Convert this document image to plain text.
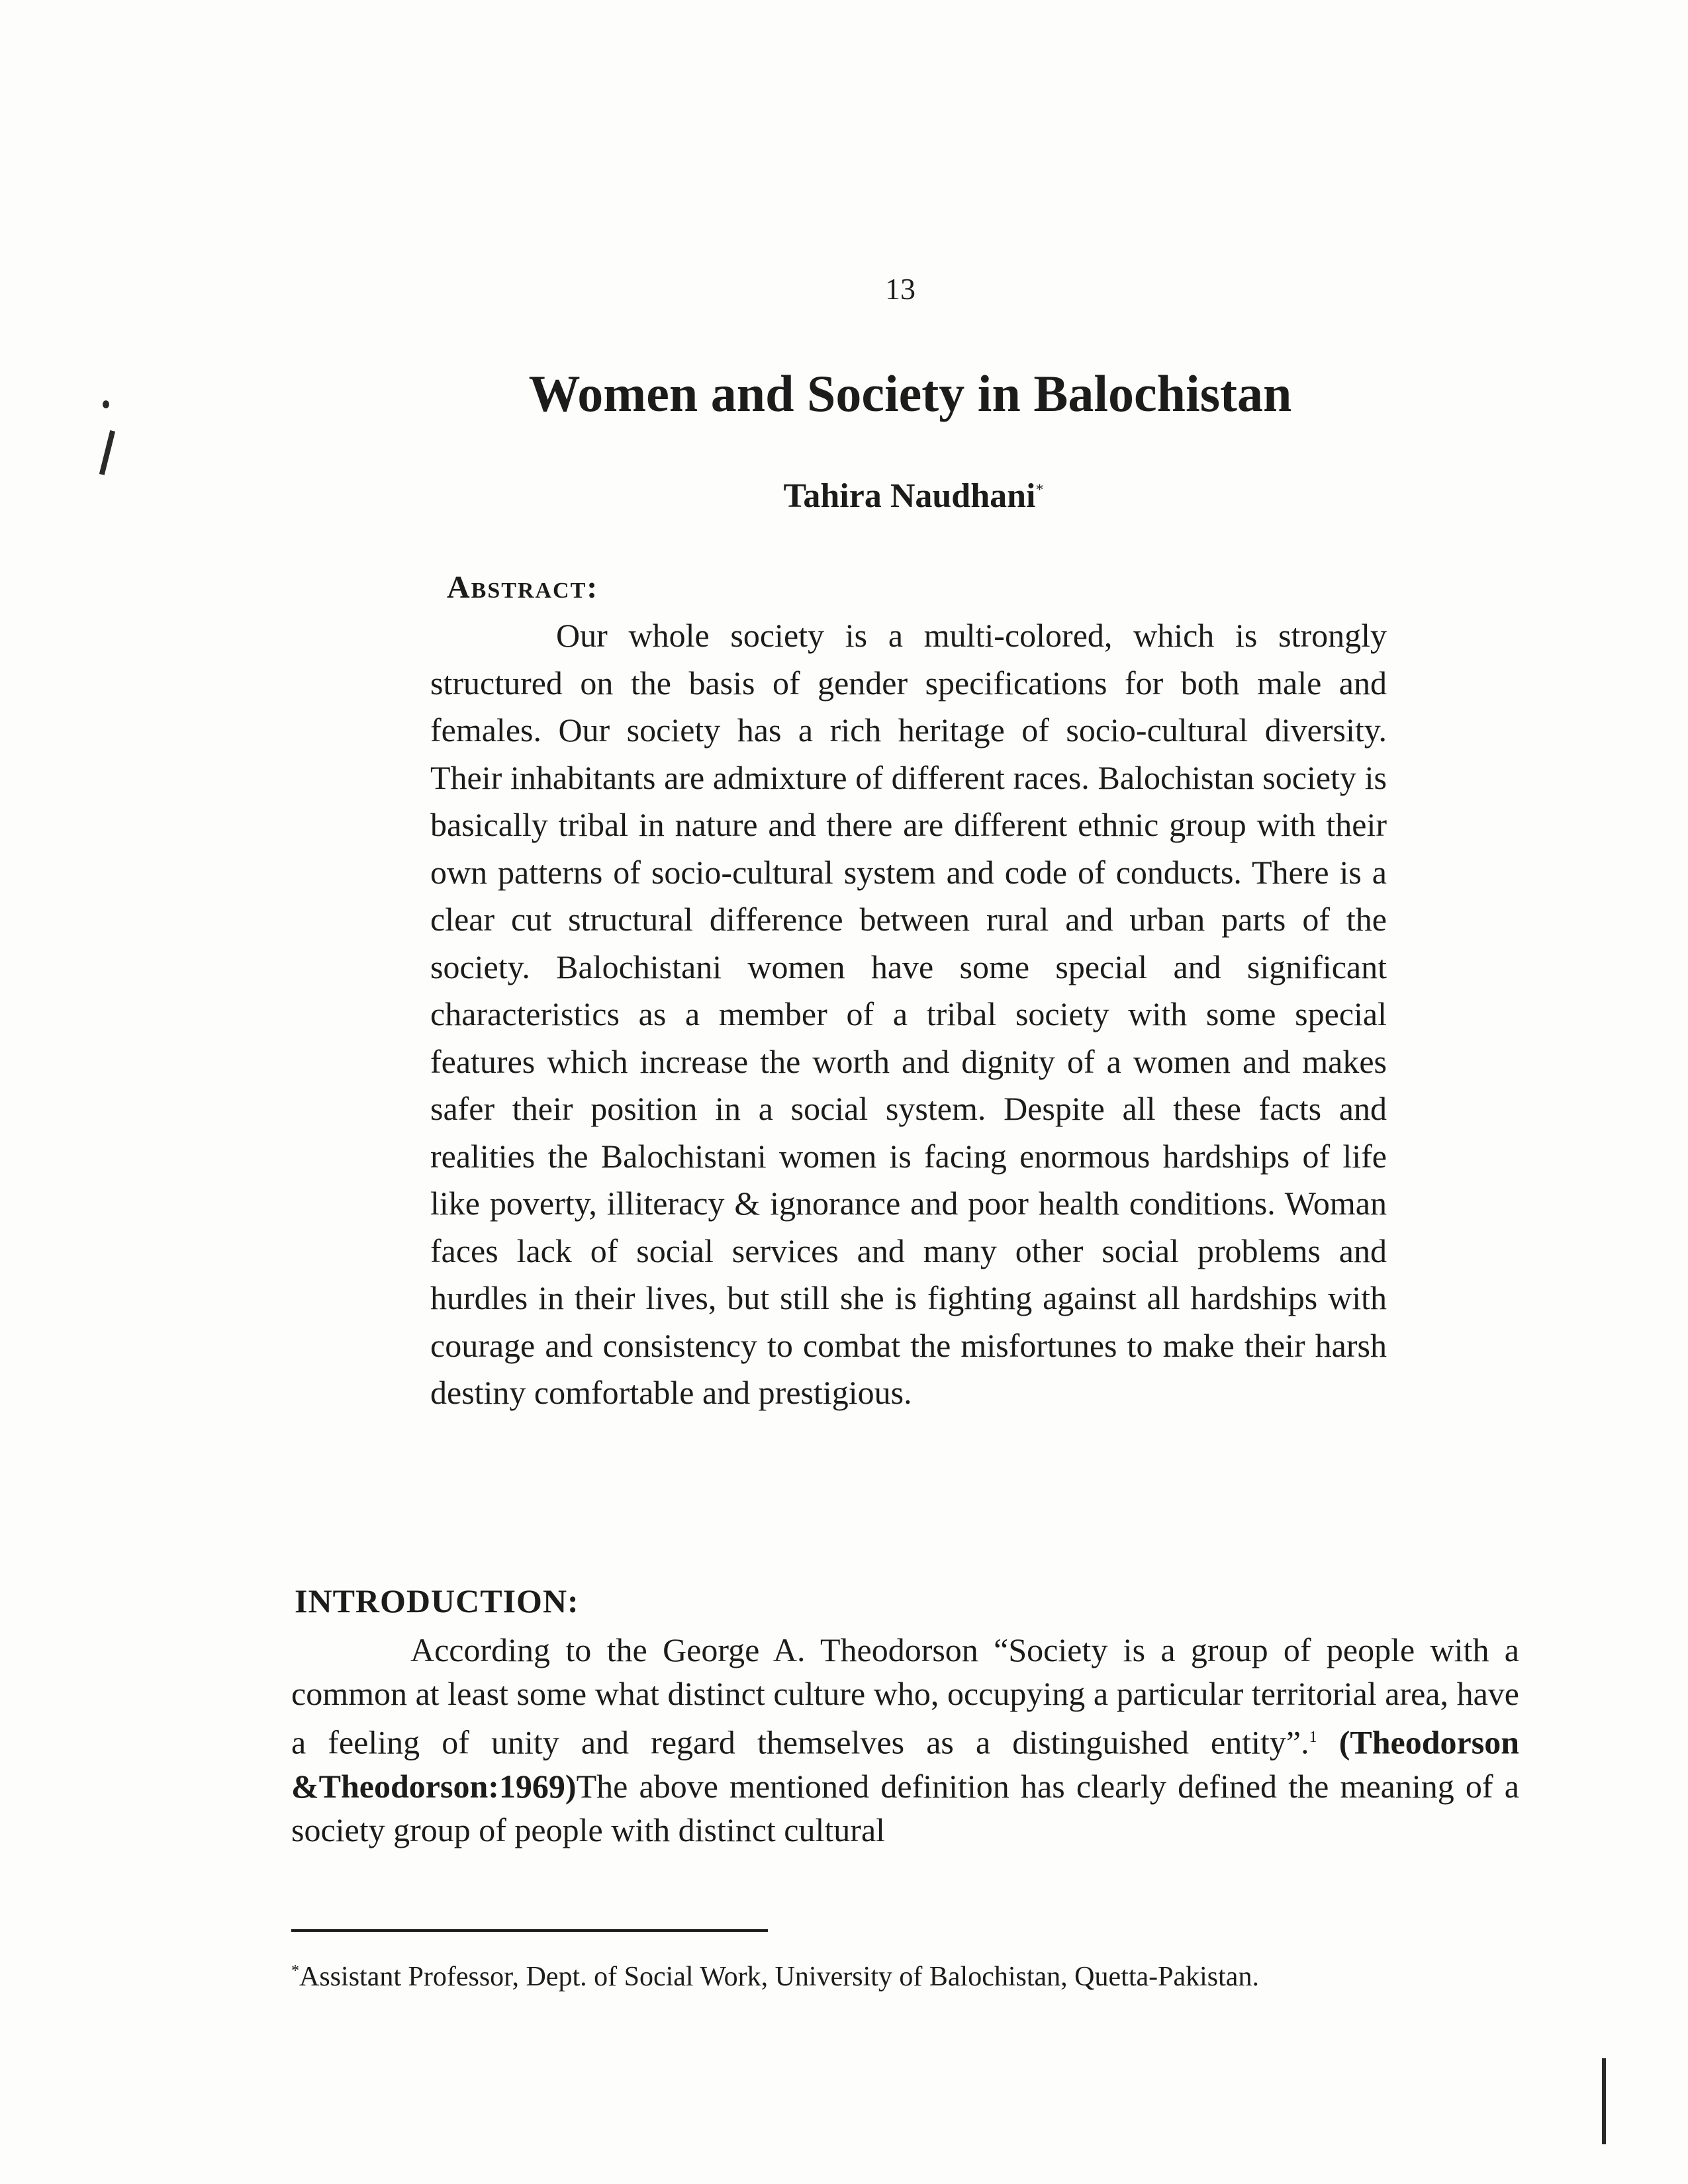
13
Women and Society in Balochistan
Tahira Naudhani*
Abstract:

Our whole society is a multi-colored, which is strongly structured on the basis of gender specifications for both male and females. Our society has a rich heritage of socio-cultural diversity. Their inhabitants are admixture of different races. Balochistan society is basically tribal in nature and there are different ethnic group with their own patterns of socio-cultural system and code of conducts. There is a clear cut structural difference between rural and urban parts of the society. Balochistani women have some special and significant characteristics as a member of a tribal society with some special features which increase the worth and dignity of a women and makes safer their position in a social system. Despite all these facts and realities the Balochistani women is facing enormous hardships of life like poverty, illiteracy & ignorance and poor health conditions. Woman faces lack of social services and many other social problems and hurdles in their lives, but still she is fighting against all hardships with courage and consistency to combat the misfortunes to make their harsh destiny comfortable and prestigious.

INTRODUCTION:

According to the George A. Theodorson “Society is a group of people with a common at least some what distinct culture who, occupying a particular territorial area, have a feeling of unity and regard themselves as a distinguished entity”.$^1$ (Theodorson &Theodorson:1969)The above mentioned definition has clearly defined the meaning of a society group of people with distinct cultural

*Assistant Professor, Dept. of Social Work, University of Balochistan, Quetta-Pakistan.
